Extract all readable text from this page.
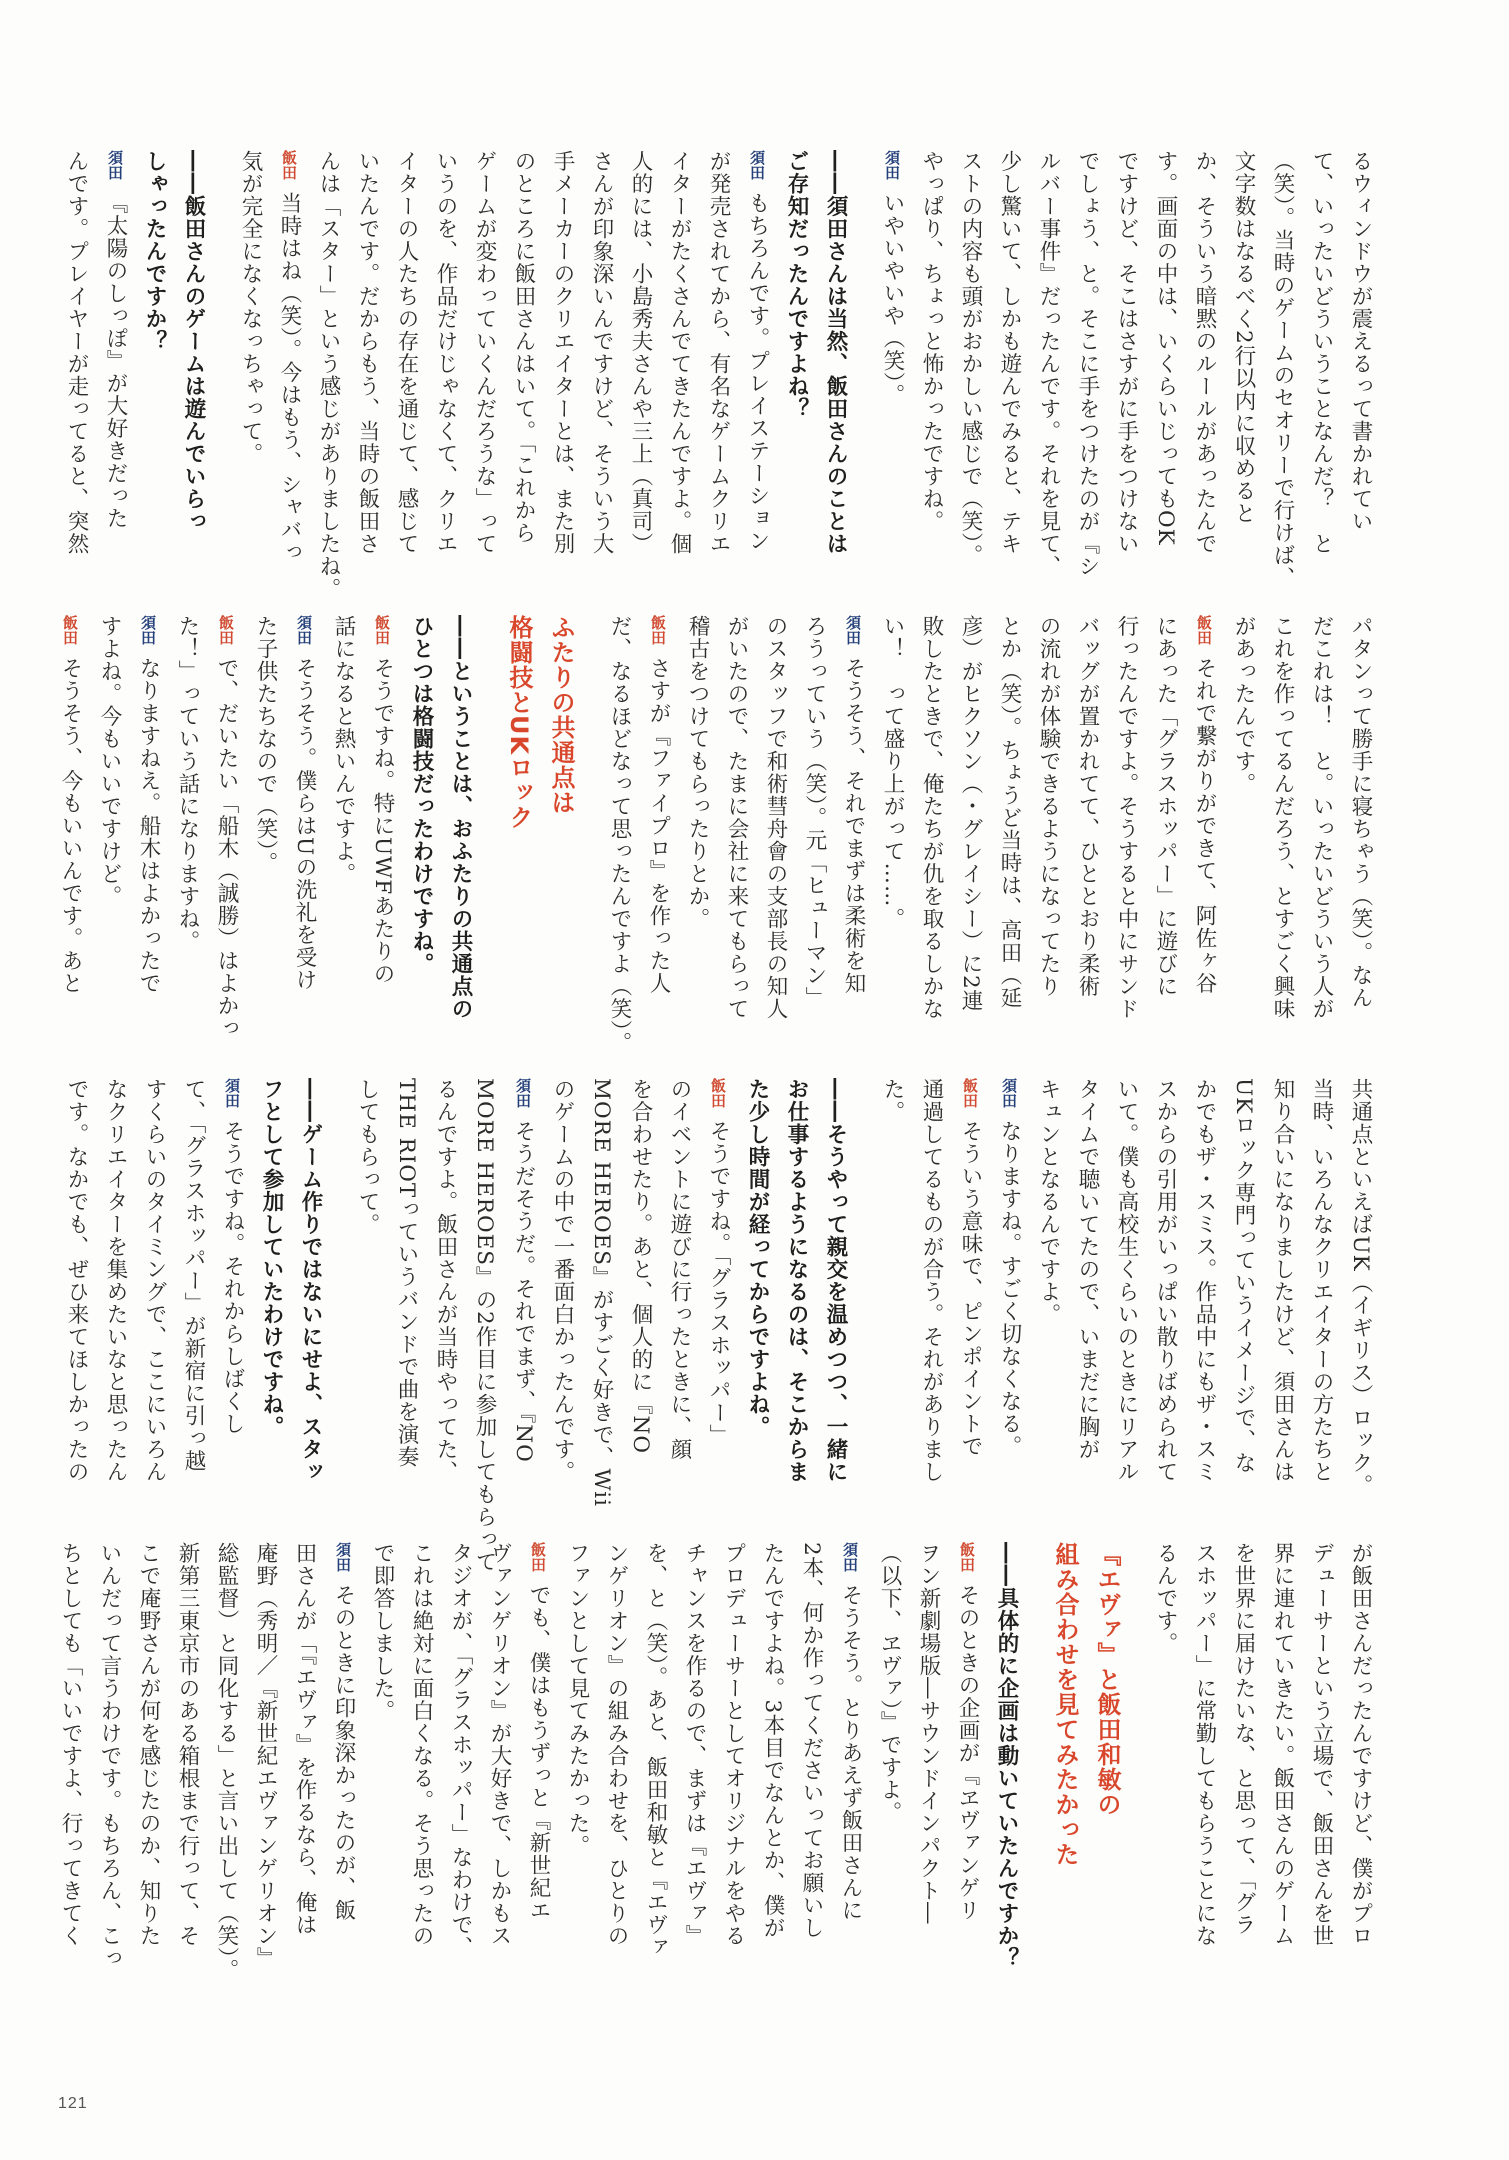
るウィンドウが震えるって書かれてい
て、いったいどういうことなんだ？　と
（笑）。当時のゲームのセオリーで行けば、
文字数はなるべく2行以内に収めると
か、そういう暗黙のルールがあったんで
す。画面の中は、いくらいじってもOK
ですけど、そこはさすがに手をつけない
でしょう、と。そこに手をつけたのが『シ
ルバー事件』だったんです。それを見て、
少し驚いて、しかも遊んでみると、テキ
ストの内容も頭がおかしい感じで（笑）。
やっぱり、ちょっと怖かったですね。
須田いやいやいや（笑）。
――須田さんは当然、飯田さんのことは
ご存知だったんですよね？
須田もちろんです。プレイステーション
が発売されてから、有名なゲームクリエ
イターがたくさんでてきたんですよ。個
人的には、小島秀夫さんや三上（真司）
さんが印象深いんですけど、そういう大
手メーカーのクリエイターとは、また別
のところに飯田さんはいて。「これから
ゲームが変わっていくんだろうな」って
いうのを、作品だけじゃなくて、クリエ
イターの人たちの存在を通じて、感じて
いたんです。だからもう、当時の飯田さ
んは「スター」という感じがありましたね。
飯田当時はね（笑）。今はもう、シャバっ
気が完全になくなっちゃって。
――飯田さんのゲームは遊んでいらっ
しゃったんですか？
須田『太陽のしっぽ』が大好きだった
んです。プレイヤーが走ってると、突然
パタンって勝手に寝ちゃう（笑）。なん
だこれは！　と。いったいどういう人が
これを作ってるんだろう、とすごく興味
があったんです。
飯田それで繋がりができて、阿佐ヶ谷
にあった「グラスホッパー」に遊びに
行ったんですよ。そうすると中にサンド
バッグが置かれてて、ひととおり柔術
の流れが体験できるようになってたり
とか（笑）。ちょうど当時は、高田（延
彦）がヒクソン（・グレイシー）に2連
敗したときで、俺たちが仇を取るしかな
い！　って盛り上がって……。
須田そうそう、それでまずは柔術を知
ろうっていう（笑）。元「ヒューマン」
のスタッフで和術彗舟會の支部長の知人
がいたので、たまに会社に来てもらって
稽古をつけてもらったりとか。
飯田さすが『ファイプロ』を作った人
だ、なるほどなって思ったんですよ（笑）。
ふたりの共通点は
格闘技とUKロック
――ということは、おふたりの共通点の
ひとつは格闘技だったわけですね。
飯田そうですね。特にUWFあたりの
話になると熱いんですよ。
須田そうそう。僕らはUの洗礼を受け
た子供たちなので（笑）。
飯田で、だいたい「船木（誠勝）はよかっ
た！」っていう話になりますね。
須田なりますねえ。船木はよかったで
すよね。今もいいですけど。
飯田そうそう、今もいいんです。あと
共通点といえばUK（イギリス）ロック。
当時、いろんなクリエイターの方たちと
知り合いになりましたけど、須田さんは
UKロック専門っていうイメージで、な
かでもザ・スミス。作品中にもザ・スミ
スからの引用がいっぱい散りばめられて
いて。僕も高校生くらいのときにリアル
タイムで聴いてたので、いまだに胸が
キュンとなるんですよ。
須田なりますね。すごく切なくなる。
飯田そういう意味で、ピンポイントで
通過してるものが合う。それがありまし
た。
――そうやって親交を温めつつ、一緒に
お仕事するようになるのは、そこからま
た少し時間が経ってからですよね。
飯田そうですね。「グラスホッパー」
のイベントに遊びに行ったときに、顔
を合わせたり。あと、個人的に『NO
MORE HEROES』がすごく好きで、Wii
のゲームの中で一番面白かったんです。
須田そうだそうだ。それでまず、『NO
MORE HEROES』の2作目に参加してもらって
るんですよ。飯田さんが当時やってた、
THE RIOTっていうバンドで曲を演奏
してもらって。
――ゲーム作りではないにせよ、スタッ
フとして参加していたわけですね。
須田そうですね。それからしばくし
て、「グラスホッパー」が新宿に引っ越
すくらいのタイミングで、ここにいろん
なクリエイターを集めたいなと思ったん
です。なかでも、ぜひ来てほしかったの
が飯田さんだったんですけど、僕がプロ
デューサーという立場で、飯田さんを世
界に連れていきたい。飯田さんのゲーム
を世界に届けたいな、と思って、「グラ
スホッパー」に常勤してもらうことにな
るんです。
『エヴァ』と飯田和敏の
組み合わせを見てみたかった
――具体的に企画は動いていたんですか？
飯田そのときの企画が『ヱヴァンゲリ
ヲン新劇場版―サウンドインパクト―
（以下、ヱヴァ）』ですよ。
須田そうそう。とりあえず飯田さんに
2本、何か作ってくださいってお願いし
たんですよね。3本目でなんとか、僕が
プロデューサーとしてオリジナルをやる
チャンスを作るので、まずは『エヴァ』
を、と（笑）。あと、飯田和敏と『エヴァ
ンゲリオン』の組み合わせを、ひとりの
ファンとして見てみたかった。
飯田でも、僕はもうずっと『新世紀エ
ヴァンゲリオン』が大好きで、しかもス
タジオが、「グラスホッパー」なわけで、
これは絶対に面白くなる。そう思ったの
で即答しました。
須田そのときに印象深かったのが、飯
田さんが「『エヴァ』を作るなら、俺は
庵野（秀明／『新世紀エヴァンゲリオン』
総監督）と同化する」と言い出して（笑）。
新第三東京市のある箱根まで行って、そ
こで庵野さんが何を感じたのか、知りた
いんだって言うわけです。もちろん、こっ
ちとしても「いいですよ、行ってきてく
121
